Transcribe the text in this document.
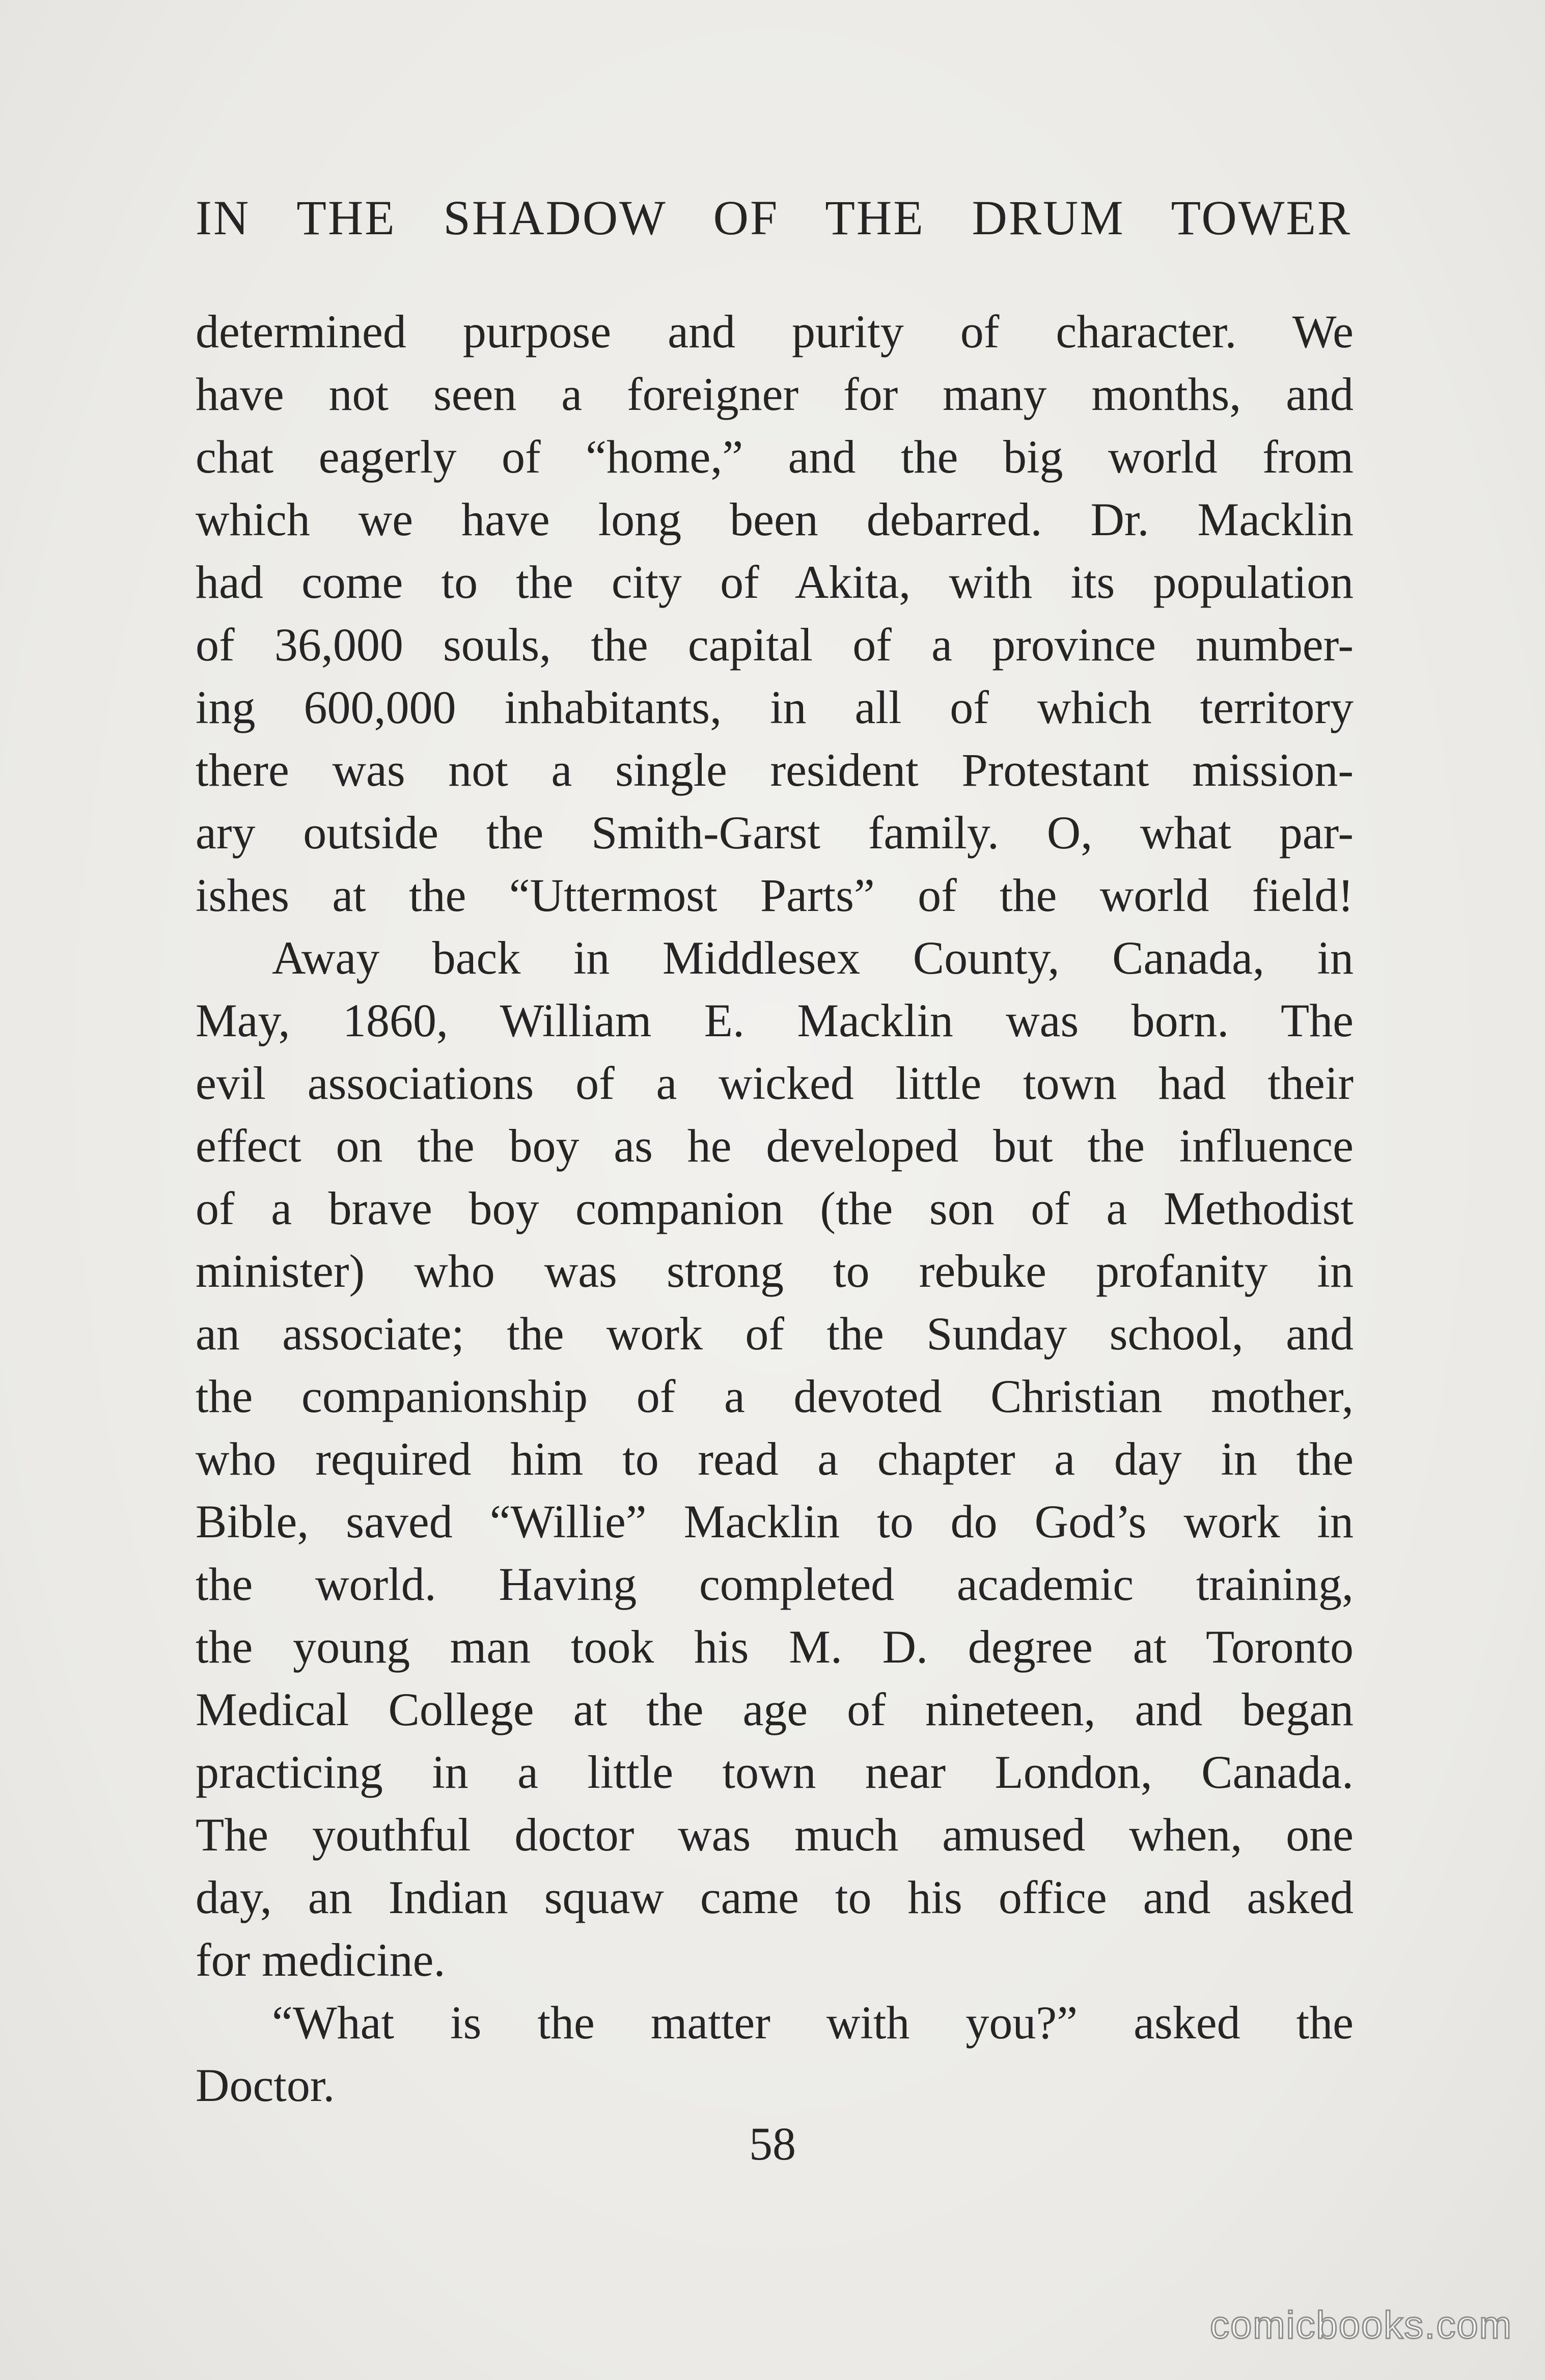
IN THE SHADOW OF THE DRUM TOWER
determined purpose and purity of character. We
have not seen a foreigner for many months, and
chat eagerly of “home,” and the big world from
which we have long been debarred. Dr. Macklin
had come to the city of Akita, with its population
of 36,000 souls, the capital of a province number-
ing 600,000 inhabitants, in all of which territory
there was not a single resident Protestant mission-
ary outside the Smith-Garst family. O, what par-
ishes at the “Uttermost Parts” of the world field!
Away back in Middlesex County, Canada, in
May, 1860, William E. Macklin was born. The
evil associations of a wicked little town had their
effect on the boy as he developed but the influence
of a brave boy companion (the son of a Methodist
minister) who was strong to rebuke profanity in
an associate; the work of the Sunday school, and
the companionship of a devoted Christian mother,
who required him to read a chapter a day in the
Bible, saved “Willie” Macklin to do God’s work in
the world. Having completed academic training,
the young man took his M. D. degree at Toronto
Medical College at the age of nineteen, and began
practicing in a little town near London, Canada.
The youthful doctor was much amused when, one
day, an Indian squaw came to his office and asked
for medicine.
“What is the matter with you?” asked the
Doctor.
58
comicbooks.com
